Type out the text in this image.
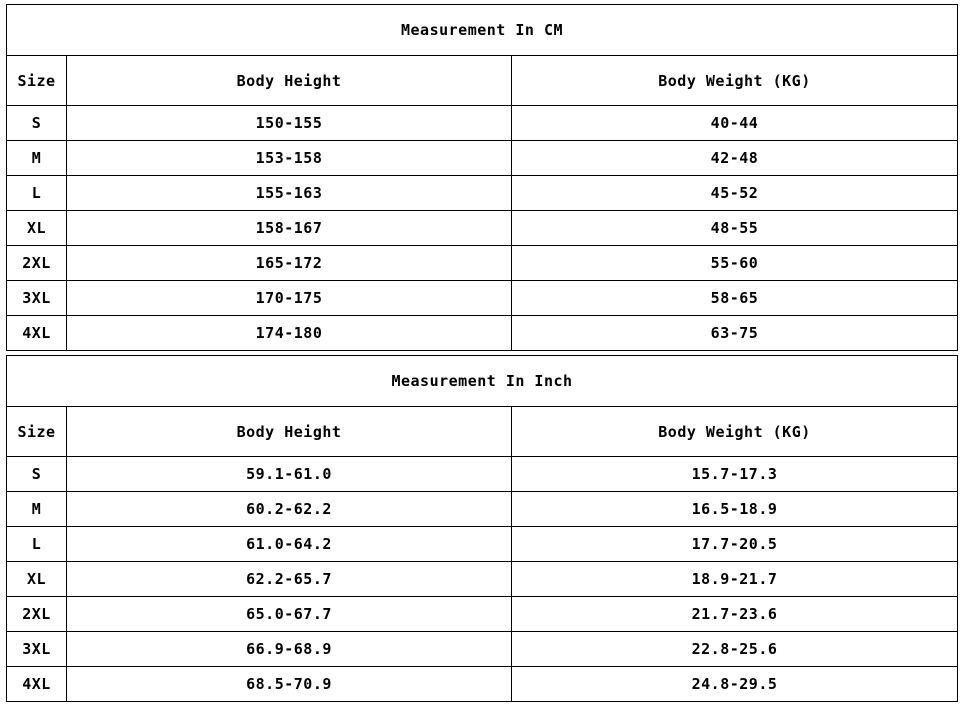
Measurement In CM		
Size	Body Height	Body Weight (KG)
S	150-155	40-44
M	153-158	42-48
L	155-163	45-52
XL	158-167	48-55
2XL	165-172	55-60
3XL	170-175	58-65
4XL	174-180	63-75
Measurement In Inch		
Size	Body Height	Body Weight (KG)
S	59.1-61.0	15.7-17.3
M	60.2-62.2	16.5-18.9
L	61.0-64.2	17.7-20.5
XL	62.2-65.7	18.9-21.7
2XL	65.0-67.7	21.7-23.6
3XL	66.9-68.9	22.8-25.6
4XL	68.5-70.9	24.8-29.5
